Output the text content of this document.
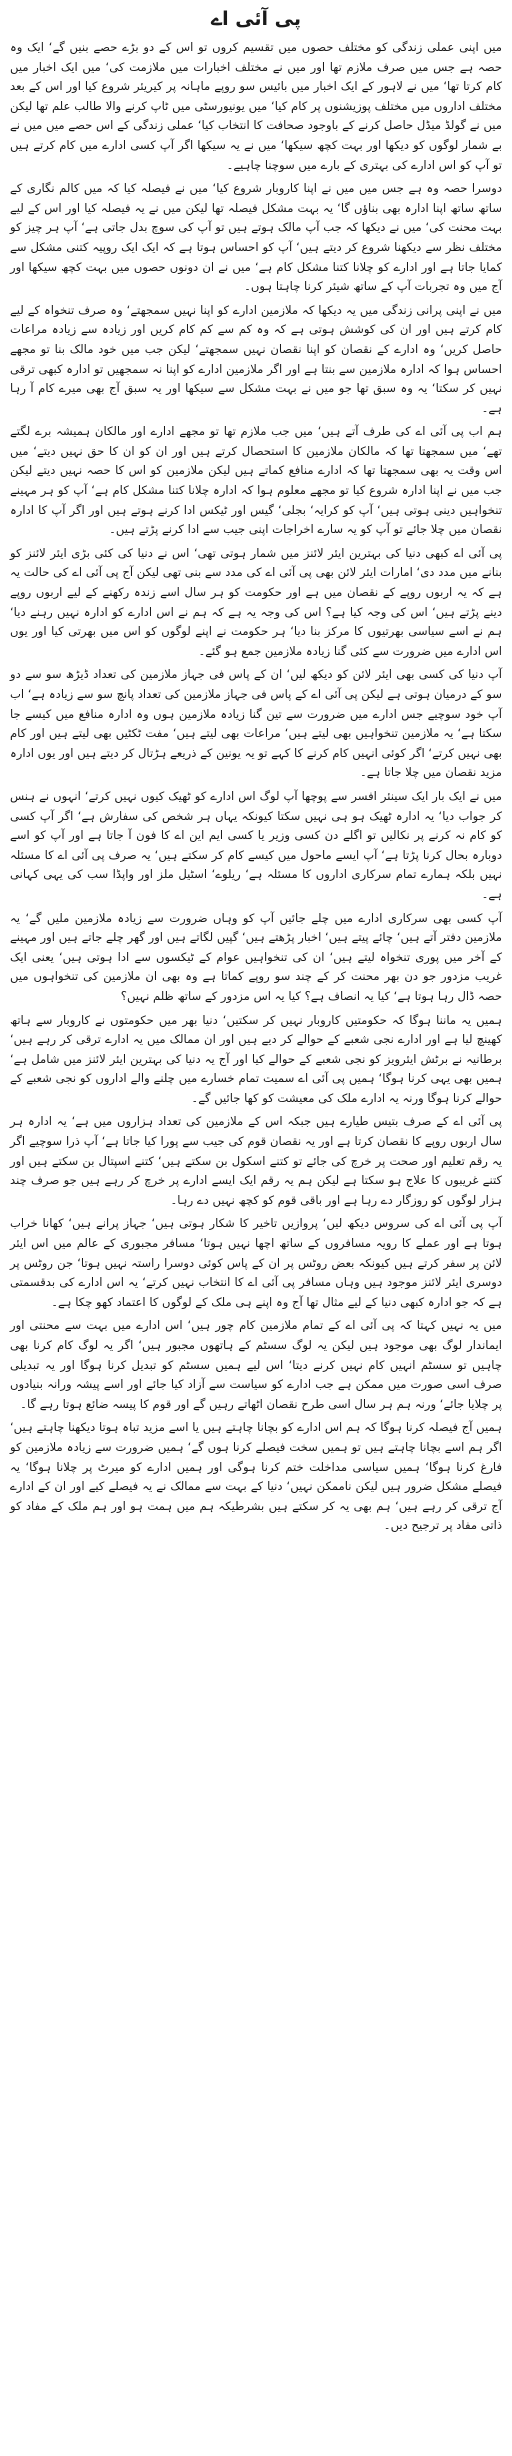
پی آئی اے

میں اپنی عملی زندگی کو مختلف حصوں میں تقسیم کروں تو اس کے دو بڑے حصے بنیں گے‘ ایک وہ حصہ ہے جس میں صرف ملازم تھا اور میں نے مختلف اخبارات میں ملازمت کی‘ میں ایک اخبار میں کام کرتا تھا‘ میں نے لاہور کے ایک اخبار میں بائیس سو روپے ماہانہ پر کیریئر شروع کیا اور اس کے بعد مختلف اداروں میں مختلف پوزیشنوں پر کام کیا‘ میں یونیورسٹی میں ٹاپ کرنے والا طالب علم تھا لیکن میں نے گولڈ میڈل حاصل کرنے کے باوجود صحافت کا انتخاب کیا‘ عملی زندگی کے اس حصے میں میں نے بے شمار لوگوں کو دیکھا اور بہت کچھ سیکھا‘ میں نے یہ سیکھا اگر آپ کسی ادارے میں کام کرتے ہیں تو آپ کو اس ادارے کی بہتری کے بارے میں سوچنا چاہیے۔

دوسرا حصہ وہ ہے جس میں میں نے اپنا کاروبار شروع کیا‘ میں نے فیصلہ کیا کہ میں کالم نگاری کے ساتھ ساتھ اپنا ادارہ بھی بناؤں گا‘ یہ بہت مشکل فیصلہ تھا لیکن میں نے یہ فیصلہ کیا اور اس کے لیے بہت محنت کی‘ میں نے دیکھا کہ جب آپ مالک ہوتے ہیں تو آپ کی سوچ بدل جاتی ہے‘ آپ ہر چیز کو مختلف نظر سے دیکھنا شروع کر دیتے ہیں‘ آپ کو احساس ہوتا ہے کہ ایک ایک روپیہ کتنی مشکل سے کمایا جاتا ہے اور ادارے کو چلانا کتنا مشکل کام ہے‘ میں نے ان دونوں حصوں میں بہت کچھ سیکھا اور آج میں وہ تجربات آپ کے ساتھ شیئر کرنا چاہتا ہوں۔

میں نے اپنی پرانی زندگی میں یہ دیکھا کہ ملازمین ادارے کو اپنا نہیں سمجھتے‘ وہ صرف تنخواہ کے لیے کام کرتے ہیں اور ان کی کوشش ہوتی ہے کہ وہ کم سے کم کام کریں اور زیادہ سے زیادہ مراعات حاصل کریں‘ وہ ادارے کے نقصان کو اپنا نقصان نہیں سمجھتے‘ لیکن جب میں خود مالک بنا تو مجھے احساس ہوا کہ ادارہ ملازمین سے بنتا ہے اور اگر ملازمین ادارے کو اپنا نہ سمجھیں تو ادارہ کبھی ترقی نہیں کر سکتا‘ یہ وہ سبق تھا جو میں نے بہت مشکل سے سیکھا اور یہ سبق آج بھی میرے کام آ رہا ہے۔

ہم اب پی آئی اے کی طرف آتے ہیں‘ میں جب ملازم تھا تو مجھے ادارے اور مالکان ہمیشہ برے لگتے تھے‘ میں سمجھتا تھا کہ مالکان ملازمین کا استحصال کرتے ہیں اور ان کو ان کا حق نہیں دیتے‘ میں اس وقت یہ بھی سمجھتا تھا کہ ادارے منافع کماتے ہیں لیکن ملازمین کو اس کا حصہ نہیں دیتے لیکن جب میں نے اپنا ادارہ شروع کیا تو مجھے معلوم ہوا کہ ادارہ چلانا کتنا مشکل کام ہے‘ آپ کو ہر مہینے تنخواہیں دینی ہوتی ہیں‘ آپ کو کرایہ‘ بجلی‘ گیس اور ٹیکس ادا کرنے ہوتے ہیں اور اگر آپ کا ادارہ نقصان میں چلا جائے تو آپ کو یہ سارے اخراجات اپنی جیب سے ادا کرنے پڑتے ہیں۔

پی آئی اے کبھی دنیا کی بہترین ایئر لائنز میں شمار ہوتی تھی‘ اس نے دنیا کی کئی بڑی ایئر لائنز کو بنانے میں مدد دی‘ امارات ایئر لائن بھی پی آئی اے کی مدد سے بنی تھی لیکن آج پی آئی اے کی حالت یہ ہے کہ یہ اربوں روپے کے نقصان میں ہے اور حکومت کو ہر سال اسے زندہ رکھنے کے لیے اربوں روپے دینے پڑتے ہیں‘ اس کی وجہ کیا ہے؟ اس کی وجہ یہ ہے کہ ہم نے اس ادارے کو ادارہ نہیں رہنے دیا‘ ہم نے اسے سیاسی بھرتیوں کا مرکز بنا دیا‘ ہر حکومت نے اپنے لوگوں کو اس میں بھرتی کیا اور یوں اس ادارے میں ضرورت سے کئی گنا زیادہ ملازمین جمع ہو گئے۔

آپ دنیا کی کسی بھی ایئر لائن کو دیکھ لیں‘ ان کے پاس فی جہاز ملازمین کی تعداد ڈیڑھ سو سے دو سو کے درمیان ہوتی ہے لیکن پی آئی اے کے پاس فی جہاز ملازمین کی تعداد پانچ سو سے زیادہ ہے‘ اب آپ خود سوچیے جس ادارے میں ضرورت سے تین گنا زیادہ ملازمین ہوں وہ ادارہ منافع میں کیسے جا سکتا ہے‘ یہ ملازمین تنخواہیں بھی لیتے ہیں‘ مراعات بھی لیتے ہیں‘ مفت ٹکٹیں بھی لیتے ہیں اور کام بھی نہیں کرتے‘ اگر کوئی انہیں کام کرنے کا کہے تو یہ یونین کے ذریعے ہڑتال کر دیتے ہیں اور یوں ادارہ مزید نقصان میں چلا جاتا ہے۔

میں نے ایک بار ایک سینئر افسر سے پوچھا آپ لوگ اس ادارے کو ٹھیک کیوں نہیں کرتے‘ انہوں نے ہنس کر جواب دیا‘ یہ ادارہ ٹھیک ہو ہی نہیں سکتا کیونکہ یہاں ہر شخص کی سفارش ہے‘ اگر آپ کسی کو کام نہ کرنے پر نکالیں تو اگلے دن کسی وزیر یا کسی ایم این اے کا فون آ جاتا ہے اور آپ کو اسے دوبارہ بحال کرنا پڑتا ہے‘ آپ ایسے ماحول میں کیسے کام کر سکتے ہیں‘ یہ صرف پی آئی اے کا مسئلہ نہیں بلکہ ہمارے تمام سرکاری اداروں کا مسئلہ ہے‘ ریلوے‘ اسٹیل ملز اور واپڈا سب کی یہی کہانی ہے۔

آپ کسی بھی سرکاری ادارے میں چلے جائیں آپ کو وہاں ضرورت سے زیادہ ملازمین ملیں گے‘ یہ ملازمین دفتر آتے ہیں‘ چائے پیتے ہیں‘ اخبار پڑھتے ہیں‘ گپیں لگاتے ہیں اور گھر چلے جاتے ہیں اور مہینے کے آخر میں پوری تنخواہ لیتے ہیں‘ ان کی تنخواہیں عوام کے ٹیکسوں سے ادا ہوتی ہیں‘ یعنی ایک غریب مزدور جو دن بھر محنت کر کے چند سو روپے کماتا ہے وہ بھی ان ملازمین کی تنخواہوں میں حصہ ڈال رہا ہوتا ہے‘ کیا یہ انصاف ہے؟ کیا یہ اس مزدور کے ساتھ ظلم نہیں؟

ہمیں یہ ماننا ہوگا کہ حکومتیں کاروبار نہیں کر سکتیں‘ دنیا بھر میں حکومتوں نے کاروبار سے ہاتھ کھینچ لیا ہے اور ادارے نجی شعبے کے حوالے کر دیے ہیں اور ان ممالک میں یہ ادارے ترقی کر رہے ہیں‘ برطانیہ نے برٹش ایئرویز کو نجی شعبے کے حوالے کیا اور آج یہ دنیا کی بہترین ایئر لائنز میں شامل ہے‘ ہمیں بھی یہی کرنا ہوگا‘ ہمیں پی آئی اے سمیت تمام خسارے میں چلنے والے اداروں کو نجی شعبے کے حوالے کرنا ہوگا ورنہ یہ ادارے ملک کی معیشت کو کھا جائیں گے۔

پی آئی اے کے صرف بتیس طیارے ہیں جبکہ اس کے ملازمین کی تعداد ہزاروں میں ہے‘ یہ ادارہ ہر سال اربوں روپے کا نقصان کرتا ہے اور یہ نقصان قوم کی جیب سے پورا کیا جاتا ہے‘ آپ ذرا سوچیے اگر یہ رقم تعلیم اور صحت پر خرچ کی جائے تو کتنے اسکول بن سکتے ہیں‘ کتنے اسپتال بن سکتے ہیں اور کتنے غریبوں کا علاج ہو سکتا ہے لیکن ہم یہ رقم ایک ایسے ادارے پر خرچ کر رہے ہیں جو صرف چند ہزار لوگوں کو روزگار دے رہا ہے اور باقی قوم کو کچھ نہیں دے رہا۔

آپ پی آئی اے کی سروس دیکھ لیں‘ پروازیں تاخیر کا شکار ہوتی ہیں‘ جہاز پرانے ہیں‘ کھانا خراب ہوتا ہے اور عملے کا رویہ مسافروں کے ساتھ اچھا نہیں ہوتا‘ مسافر مجبوری کے عالم میں اس ایئر لائن پر سفر کرتے ہیں کیونکہ بعض روٹس پر ان کے پاس کوئی دوسرا راستہ نہیں ہوتا‘ جن روٹس پر دوسری ایئر لائنز موجود ہیں وہاں مسافر پی آئی اے کا انتخاب نہیں کرتے‘ یہ اس ادارے کی بدقسمتی ہے کہ جو ادارہ کبھی دنیا کے لیے مثال تھا آج وہ اپنے ہی ملک کے لوگوں کا اعتماد کھو چکا ہے۔

میں یہ نہیں کہتا کہ پی آئی اے کے تمام ملازمین کام چور ہیں‘ اس ادارے میں بہت سے محنتی اور ایماندار لوگ بھی موجود ہیں لیکن یہ لوگ سسٹم کے ہاتھوں مجبور ہیں‘ اگر یہ لوگ کام کرنا بھی چاہیں تو سسٹم انہیں کام نہیں کرنے دیتا‘ اس لیے ہمیں سسٹم کو تبدیل کرنا ہوگا اور یہ تبدیلی صرف اسی صورت میں ممکن ہے جب ادارے کو سیاست سے آزاد کیا جائے اور اسے پیشہ ورانہ بنیادوں پر چلایا جائے‘ ورنہ ہم ہر سال اسی طرح نقصان اٹھاتے رہیں گے اور قوم کا پیسہ ضائع ہوتا رہے گا۔

ہمیں آج فیصلہ کرنا ہوگا کہ ہم اس ادارے کو بچانا چاہتے ہیں یا اسے مزید تباہ ہوتا دیکھنا چاہتے ہیں‘ اگر ہم اسے بچانا چاہتے ہیں تو ہمیں سخت فیصلے کرنا ہوں گے‘ ہمیں ضرورت سے زیادہ ملازمین کو فارغ کرنا ہوگا‘ ہمیں سیاسی مداخلت ختم کرنا ہوگی اور ہمیں ادارے کو میرٹ پر چلانا ہوگا‘ یہ فیصلے مشکل ضرور ہیں لیکن ناممکن نہیں‘ دنیا کے بہت سے ممالک نے یہ فیصلے کیے اور ان کے ادارے آج ترقی کر رہے ہیں‘ ہم بھی یہ کر سکتے ہیں بشرطیکہ ہم میں ہمت ہو اور ہم ملک کے مفاد کو ذاتی مفاد پر ترجیح دیں۔
